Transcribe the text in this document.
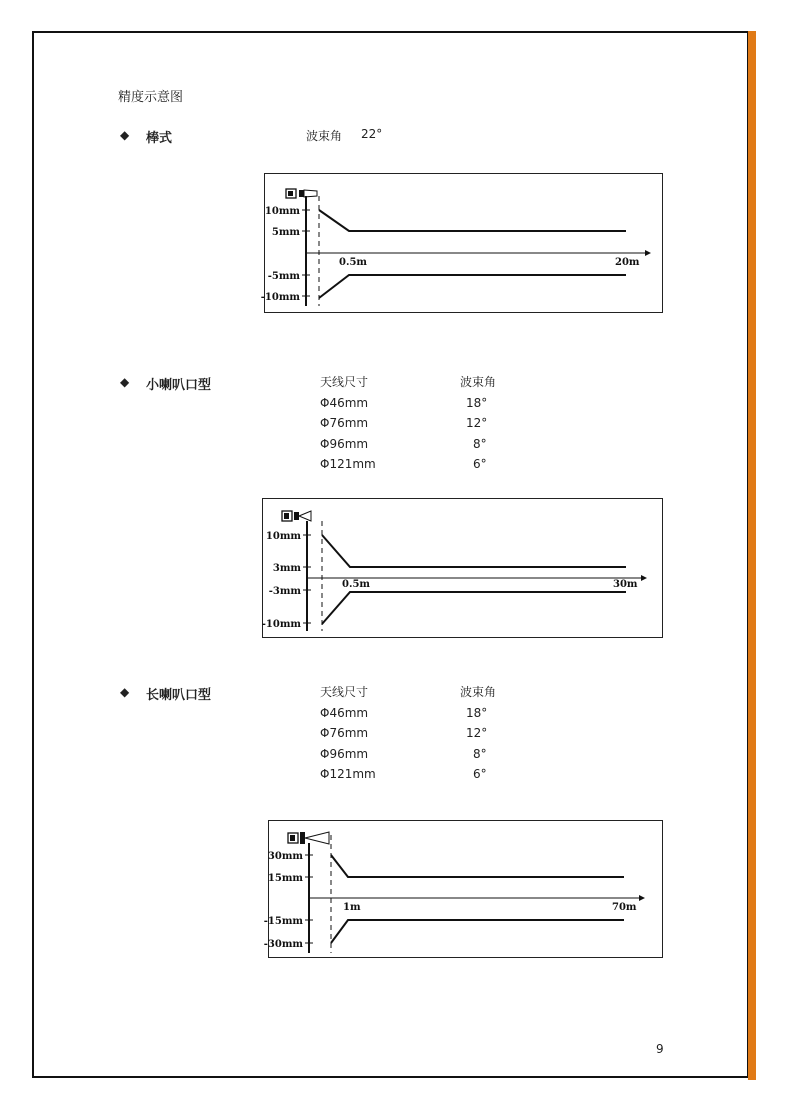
精度示意图
◆ 棒式	波束角 22°
10mm
5mm
-5mm
-10mm
0.5m	20m
◆ 小喇叭口型	天线尺寸	波束角
Φ46mm	18°
Φ76mm	12°
Φ96mm	8°
Φ121mm	6°
10mm
3mm
-3mm
-10mm
0.5m	30m
◆ 长喇叭口型	天线尺寸	波束角
Φ46mm	18°
Φ76mm	12°
Φ96mm	8°
Φ121mm	6°
30mm
15mm
-15mm
-30mm
1m	70m
9
